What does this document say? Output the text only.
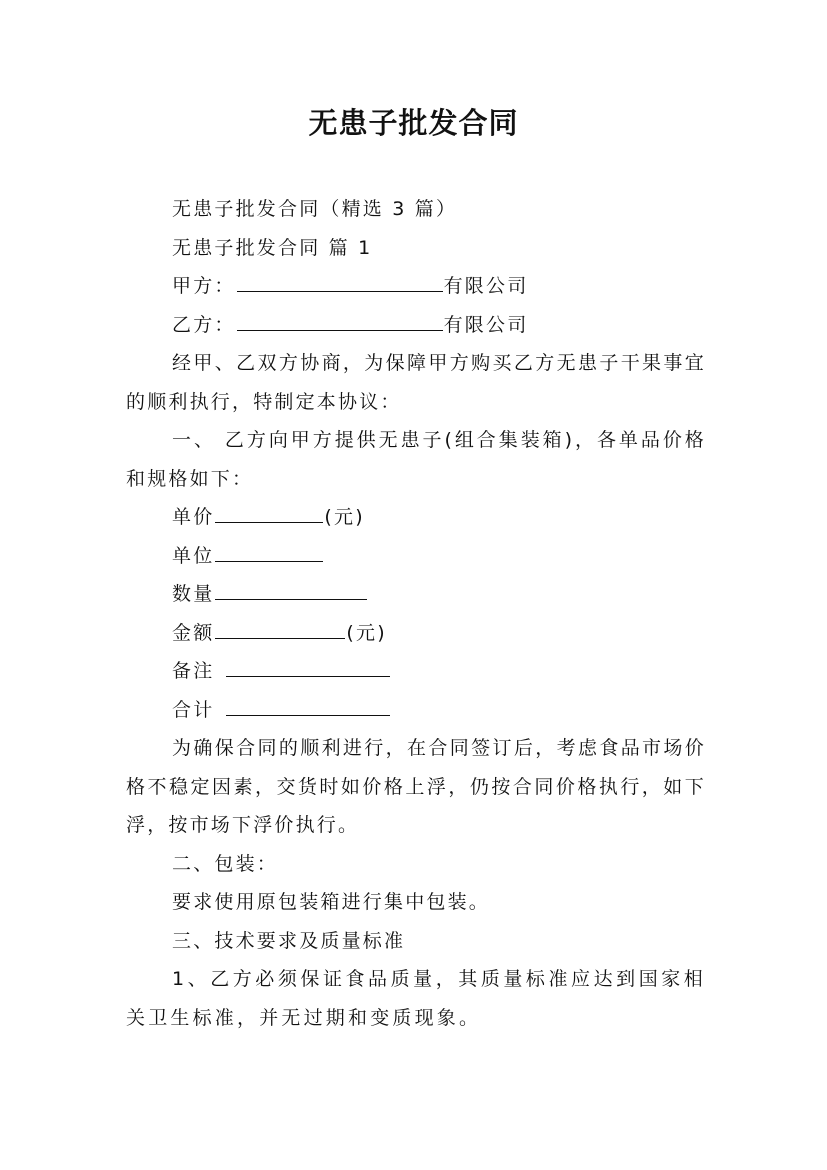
无患子批发合同
无患子批发合同（精选 3 篇）
无患子批发合同 篇 1
甲方：	有限公司
乙方：	有限公司
经甲、乙双方协商，为保障甲方购买乙方无患子干果事宜的顺利执行，特制定本协议：
一、 乙方向甲方提供无患子(组合集装箱)，各单品价格和规格如下：
单价	(元)
单位
数量
金额	(元)
备注
合计
为确保合同的顺利进行，在合同签订后，考虑食品市场价格不稳定因素，交货时如价格上浮，仍按合同价格执行，如下浮，按市场下浮价执行。
二、包装：
要求使用原包装箱进行集中包装。
三、技术要求及质量标准
1、乙方必须保证食品质量，其质量标准应达到国家相关卫生标准，并无过期和变质现象。
